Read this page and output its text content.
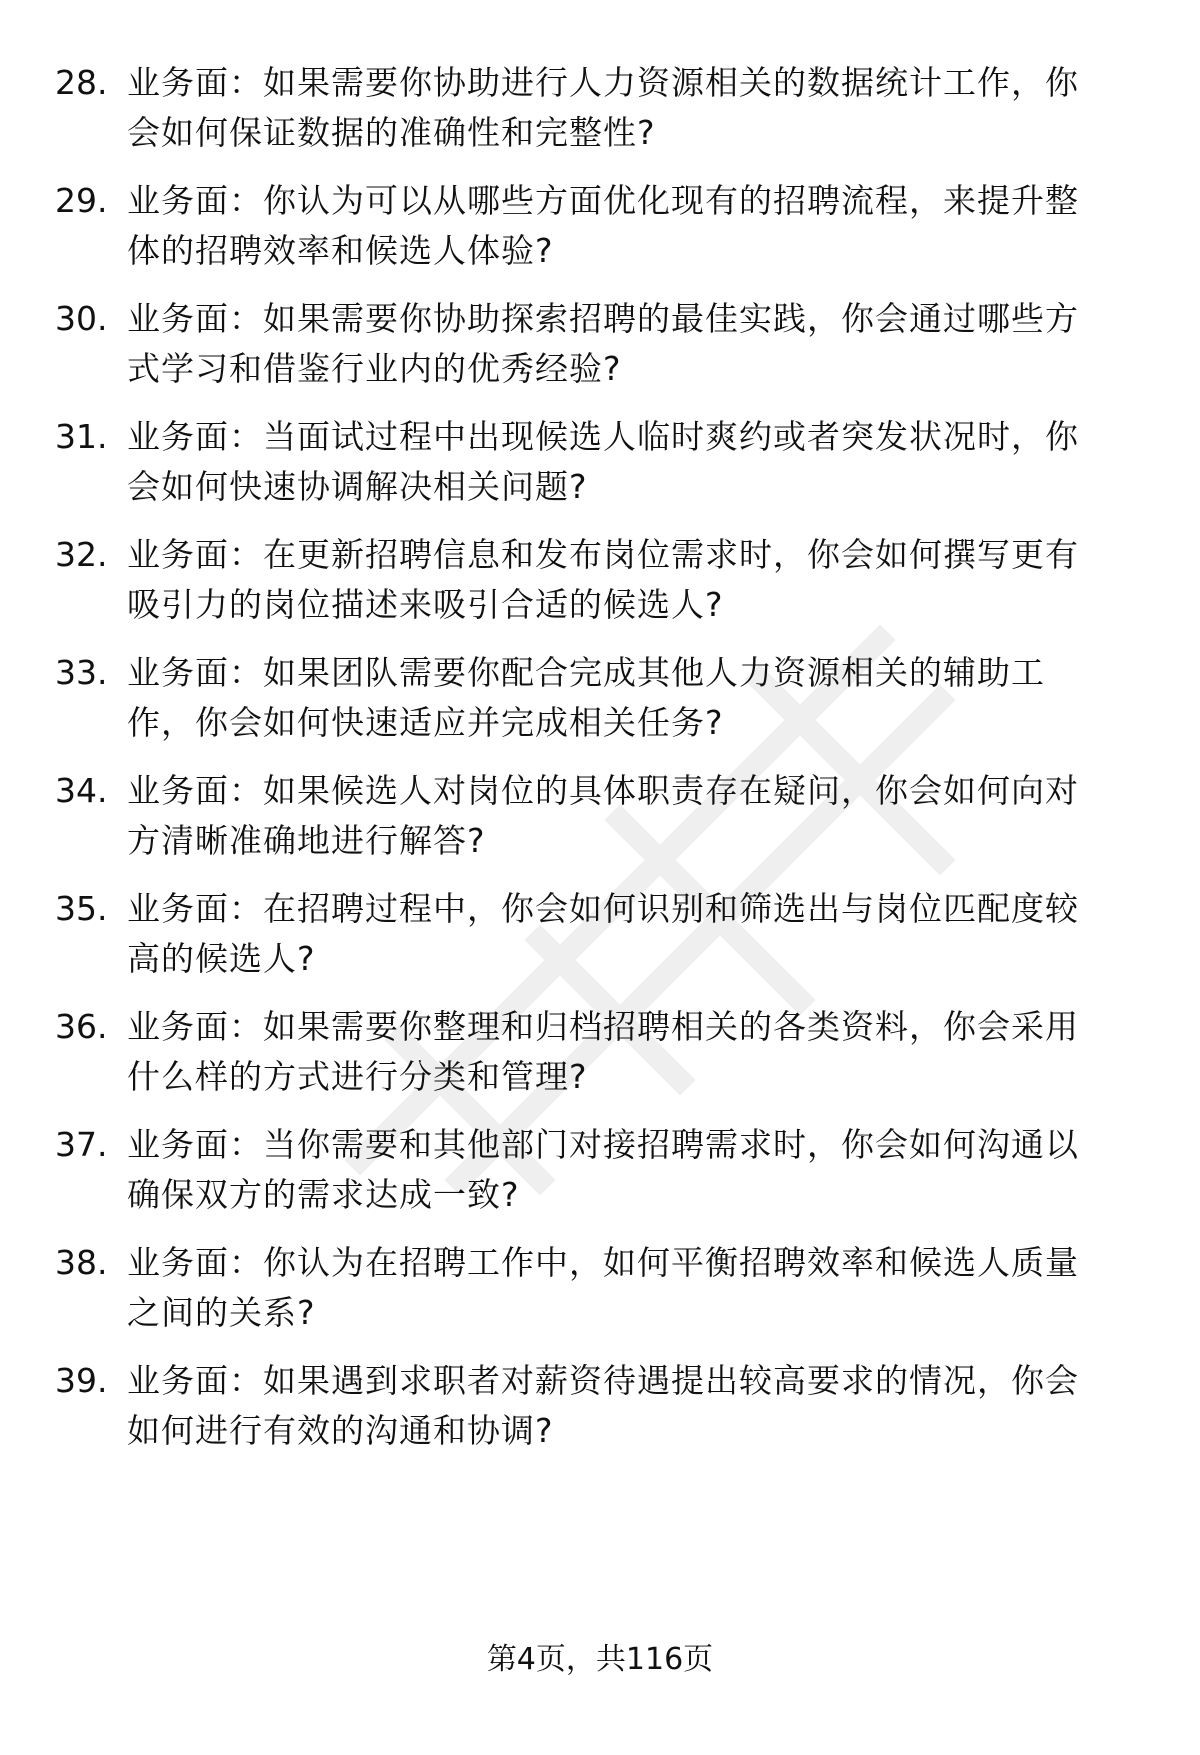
28. 业务面：如果需要你协助进行人力资源相关的数据统计工作，你
会如何保证数据的准确性和完整性?
29. 业务面：你认为可以从哪些方面优化现有的招聘流程，来提升整
体的招聘效率和候选人体验?
30. 业务面：如果需要你协助探索招聘的最佳实践，你会通过哪些方
式学习和借鉴行业内的优秀经验?
31. 业务面：当面试过程中出现候选人临时爽约或者突发状况时，你
会如何快速协调解决相关问题?
32. 业务面：在更新招聘信息和发布岗位需求时，你会如何撰写更有
吸引力的岗位描述来吸引合适的候选人?
33. 业务面：如果团队需要你配合完成其他人力资源相关的辅助工
作，你会如何快速适应并完成相关任务?
34. 业务面：如果候选人对岗位的具体职责存在疑问，你会如何向对
方清晰准确地进行解答?
35. 业务面：在招聘过程中，你会如何识别和筛选出与岗位匹配度较
高的候选人?
36. 业务面：如果需要你整理和归档招聘相关的各类资料，你会采用
什么样的方式进行分类和管理?
37. 业务面：当你需要和其他部门对接招聘需求时，你会如何沟通以
确保双方的需求达成一致?
38. 业务面：你认为在招聘工作中，如何平衡招聘效率和候选人质量
之间的关系?
39. 业务面：如果遇到求职者对薪资待遇提出较高要求的情况，你会
如何进行有效的沟通和协调?
第4页，共116页
